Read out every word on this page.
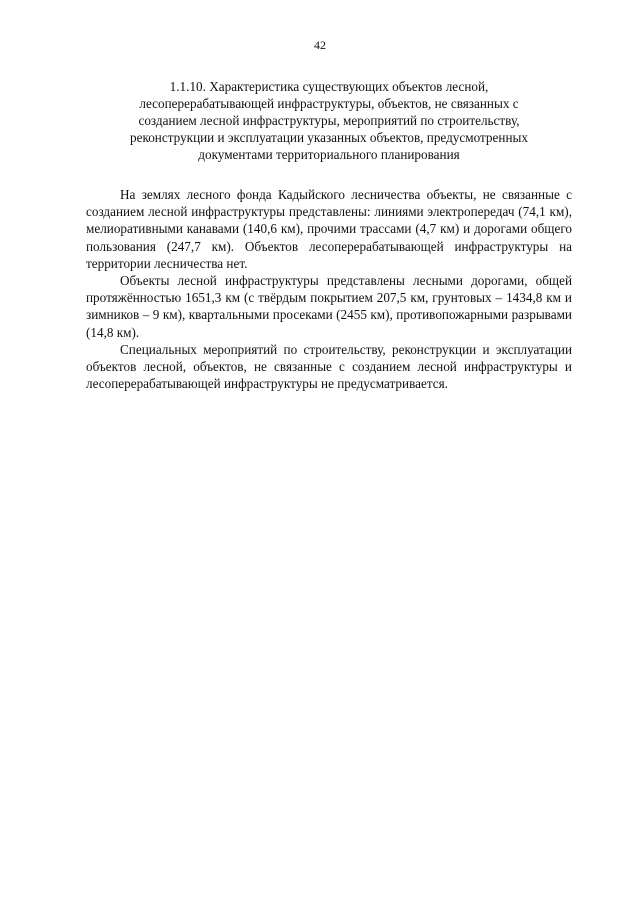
42
1.1.10. Характеристика существующих объектов лесной,
лесоперерабатывающей инфраструктуры, объектов, не связанных с
созданием лесной инфраструктуры, мероприятий по строительству,
реконструкции и эксплуатации указанных объектов, предусмотренных
документами территориального планирования

На землях лесного фонда Кадыйского лесничества объекты, не связанные с созданием лесной инфраструктуры представлены: линиями электропередач (74,1 км), мелиоративными канавами (140,6 км), прочими трассами (4,7 км) и дорогами общего пользования (247,7 км). Объектов лесоперерабатывающей инфраструктуры на территории лесничества нет.

Объекты лесной инфраструктуры представлены лесными дорогами, общей протяжённостью 1651,3 км (с твёрдым покрытием 207,5 км, грунтовых – 1434,8 км и зимников – 9 км), квартальными просеками (2455 км), противопожарными разрывами (14,8 км).

Специальных мероприятий по строительству, реконструкции и эксплуатации объектов лесной, объектов, не связанные с созданием лесной инфраструктуры и лесоперерабатывающей инфраструктуры не предусматривается.
